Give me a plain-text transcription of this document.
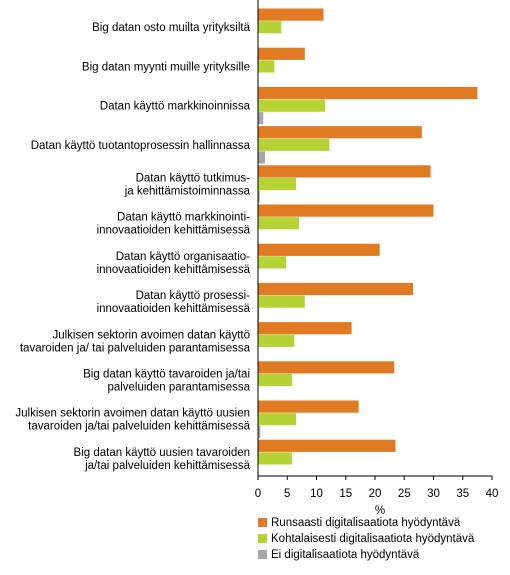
Big datan osto muilta yrityksiltä
Big datan myynti muille yrityksille
Datan käyttö markkinoinnissa
Datan käyttö tuotantoprosessin hallinnassa
Datan käyttö tutkimus-ja kehittämistoiminnassa
Datan käyttö markkinointi-innovaatioiden kehittämisessä
Datan käyttö organisaatio-innovaatioiden kehittämisessä
Datan käyttö prosessi-innovaatioiden kehittämisessä
Julkisen sektorin avoimen datan käyttö tavaroiden ja/ tai palveluiden parantamisessa
Big datan käyttö tavaroiden ja/tai palveluiden parantamisessa
Julkisen sektorin avoimen datan käyttö uusien tavaroiden ja/tai palveluiden kehittämisessä
Big datan käyttö uusien tavaroiden ja/tai palveluiden kehittämisessä
0 5 10 15 20 25 30 35 40
%
Runsaasti digitalisaatiota hyödyntävä
Kohtalaisesti digitalisaatiota hyödyntävä
Ei digitalisaatiota hyödyntävä
